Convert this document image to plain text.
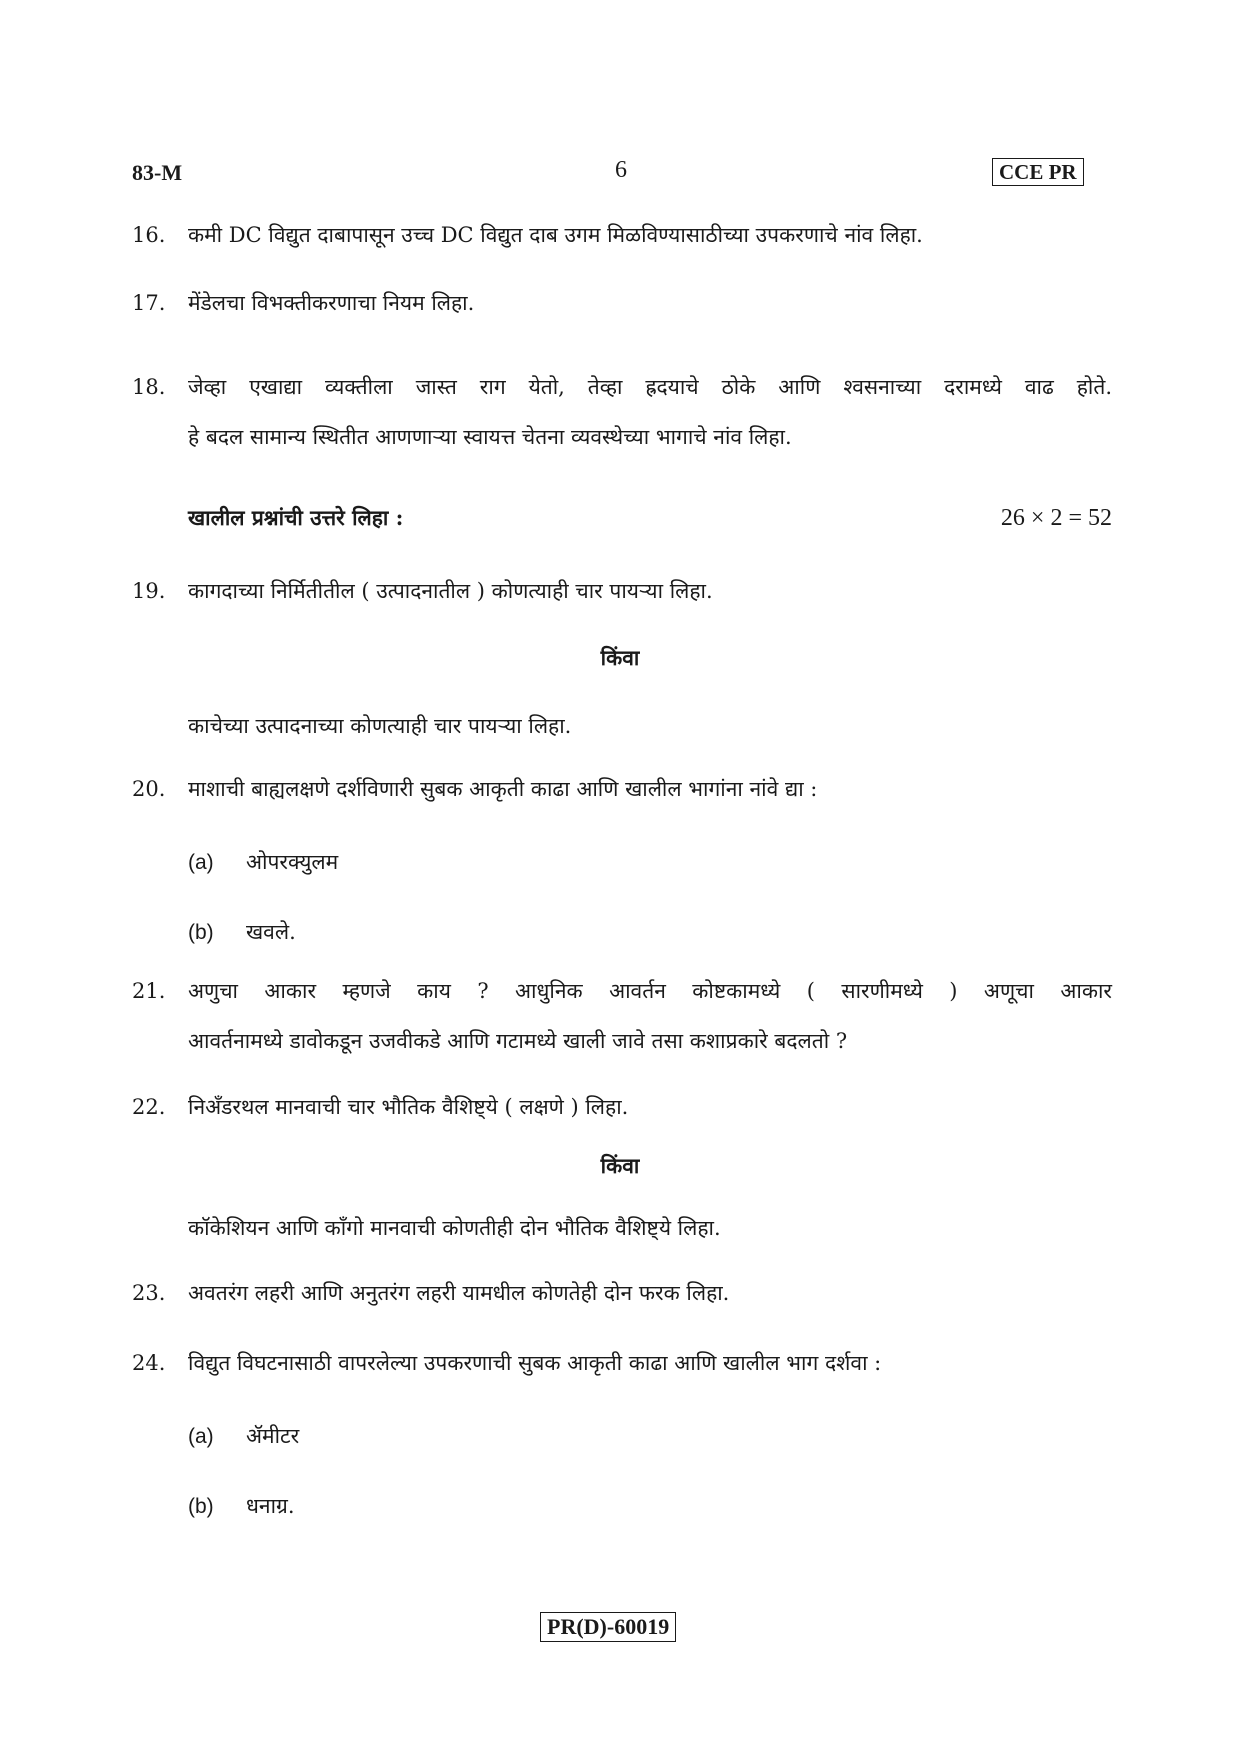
83-M	6	CCE PR
16.	कमी DC विद्युत दाबापासून उच्च DC विद्युत दाब उगम मिळविण्यासाठीच्या उपकरणाचे नांव लिहा.
17.	मेंडेलचा विभक्तीकरणाचा नियम लिहा.
18.	जेव्हा एखाद्या व्यक्तीला जास्त राग येतो, तेव्हा ह्रदयाचे ठोके आणि श्वसनाच्या दरामध्ये वाढ होते.
हे बदल सामान्य स्थितीत आणणाऱ्या स्वायत्त चेतना व्यवस्थेच्या भागाचे नांव लिहा.
खालील प्रश्नांची उत्तरे लिहा :	26 × 2 = 52
19.	कागदाच्या निर्मितीतील ( उत्पादनातील ) कोणत्याही चार पायऱ्या लिहा.
किंवा
काचेच्या उत्पादनाच्या कोणत्याही चार पायऱ्या लिहा.
20.	माशाची बाह्यलक्षणे दर्शविणारी सुबक आकृती काढा आणि खालील भागांना नांवे द्या :
(a) ओपरक्युलम
(b) खवले.
21.	अणुचा आकार म्हणजे काय ? आधुनिक आवर्तन कोष्टकामध्ये ( सारणीमध्ये ) अणूचा आकार
आवर्तनामध्ये डावोकडून उजवीकडे आणि गटामध्ये खाली जावे तसा कशाप्रकारे बदलतो ?
22.	निअँडरथल मानवाची चार भौतिक वैशिष्ट्ये ( लक्षणे ) लिहा.
किंवा
कॉकेशियन आणि काँगो मानवाची कोणतीही दोन भौतिक वैशिष्ट्ये लिहा.
23.	अवतरंग लहरी आणि अनुतरंग लहरी यामधील कोणतेही दोन फरक लिहा.
24.	विद्युत विघटनासाठी वापरलेल्या उपकरणाची सुबक आकृती काढा आणि खालील भाग दर्शवा :
(a) ॲमीटर
(b) धनाग्र.
PR(D)-60019
